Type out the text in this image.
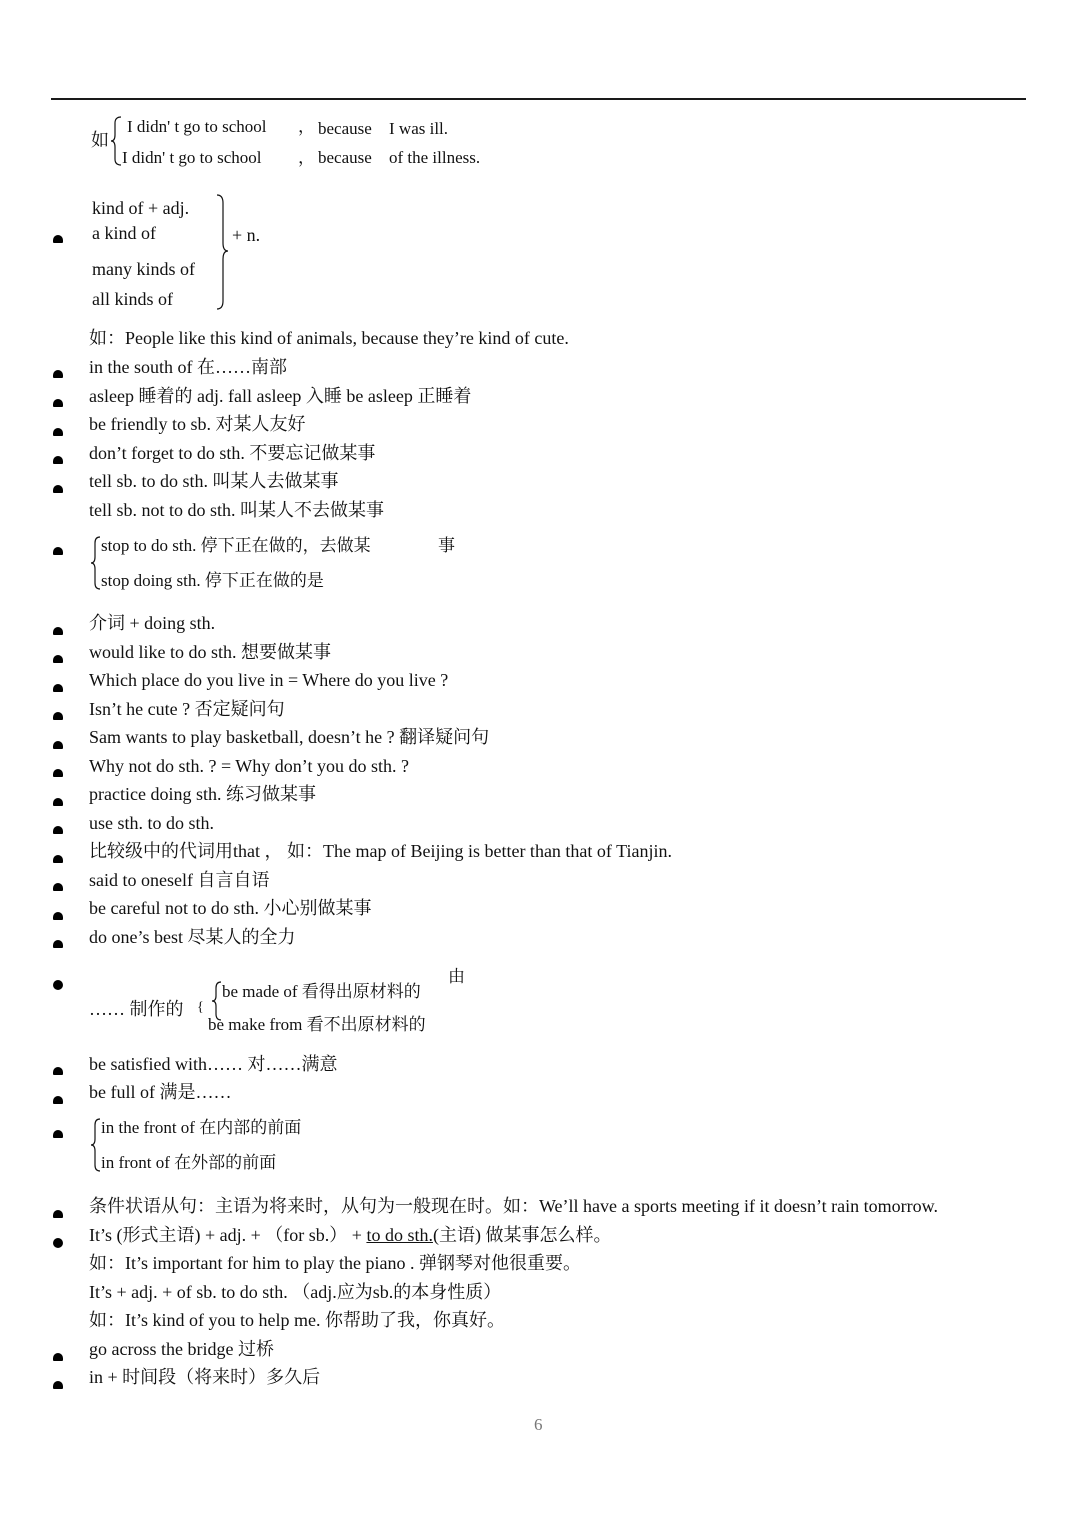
如
I didn' t go to school ， because I was ill.
I didn' t go to school ， because of the illness.
kind of + adj.
a kind of
many kinds of
all kinds of
+ n.
如：People like this kind of animals, because they’re kind of cute.
in the south of 在……南部
asleep 睡着的 adj. fall asleep 入睡 be asleep 正睡着
be friendly to sb. 对某人友好
don’t forget to do sth. 不要忘记做某事
tell sb. to do sth. 叫某人去做某事
tell sb. not to do sth. 叫某人不去做某事
stop to do sth. 停下正在做的，去做某	事
stop doing sth. 停下正在做的是
介词 + doing sth.
would like to do sth. 想要做某事
Which place do you live in = Where do you live ?
Isn’t he cute ? 否定疑问句
Sam wants to play basketball, doesn’t he ? 翻译疑问句
Why not do sth. ? = Why don’t you do sth. ?
practice doing sth. 练习做某事
use sth. to do sth.
比较级中的代词用that ， 如：The map of Beijing is better than that of Tianjin.
said to oneself 自言自语
be careful not to do sth. 小心别做某事
do one’s best 尽某人的全力
…… 制作的 {
be made of 看得出原材料的
由
be make from 看不出原材料的
be satisfied with…… 对……满意
be full of 满是……
in the front of 在内部的前面
in front of 在外部的前面
条件状语从句：主语为将来时，从句为一般现在时。如：We’ll have a sports meeting if it doesn’t rain tomorrow.
It’s (形式主语) + adj. + （for sb.） + to do sth.(主语) 做某事怎么样。
如：It’s important for him to play the piano . 弹钢琴对他很重要。
It’s + adj. + of sb. to do sth. （adj.应为sb.的本身性质）
如：It’s kind of you to help me. 你帮助了我，你真好。
go across the bridge 过桥
in + 时间段（将来时）多久后
6
